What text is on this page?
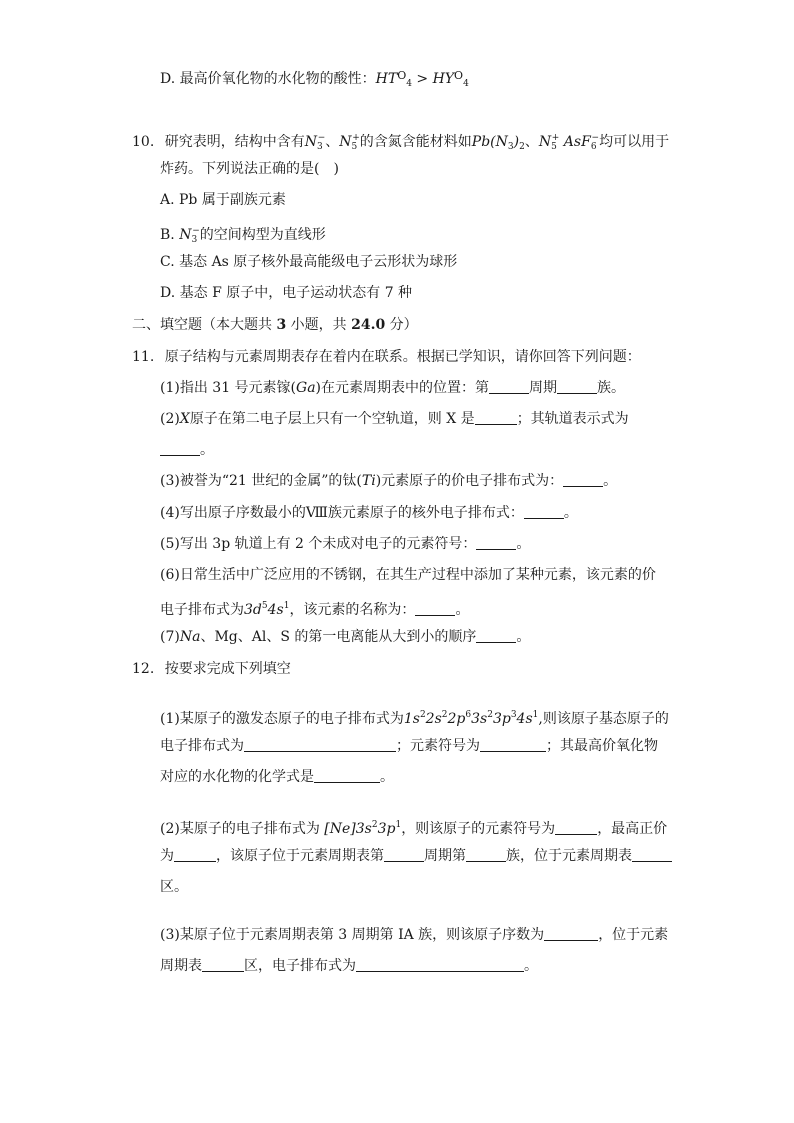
D. 最高价氧化物的水化物的酸性：$HT^O_4 > HY^O_4$
10. 研究表明，结构中含有$N_3^-$、$N_5^+$的含氮含能材料如$Pb(N_3)_2$、$N_5^+$ AsF$_6$−均可以用于
炸药。下列说法正确的是(　)
A. Pb 属于副族元素
B. $N_3^-$的空间构型为直线形
C. 基态 As 原子核外最高能级电子云形状为球形
D. 基态 F 原子中，电子运动状态有 7 种
二、填空题（本大题共 3 小题，共 24.0 分）
11. 原子结构与元素周期表存在着内在联系。根据已学知识，请你回答下列问题：
(1)指出 31 号元素镓(Ga)在元素周期表中的位置：第	周期	族。
(2)X原子在第二电子层上只有一个空轨道，则 X 是	；其轨道表示式为
。
(3)被誉为“21 世纪的金属”的钛(Ti)元素原子的价电子排布式为：	。
(4)写出原子序数最小的Ⅷ族元素原子的核外电子排布式：	。
(5)写出 3p 轨道上有 2 个未成对电子的元素符号：	。
(6)日常生活中广泛应用的不锈钢，在其生产过程中添加了某种元素，该元素的价
电子排布式为$3d^54s^1$，该元素的名称为：	。
(7)Na、Mg、Al、S 的第一电离能从大到小的顺序	。
12. 按要求完成下列填空
(1)某原子的激发态原子的电子排布式为$1s^22s^22p^63s^23p^34s^1$,则该原子基态原子的
电子排布式为	；元素符号为	；其最高价氧化物
对应的水化物的化学式是	。
(2)某原子的电子排布式为 $[Ne]3s^23p^1$，则该原子的元素符号为	，最高正价
为	，该原子位于元素周期表第	周期第	族，位于元素周期表
区。
(3)某原子位于元素周期表第 3 周期第 IA 族，则该原子序数为	，位于元素
周期表	区，电子排布式为	。
